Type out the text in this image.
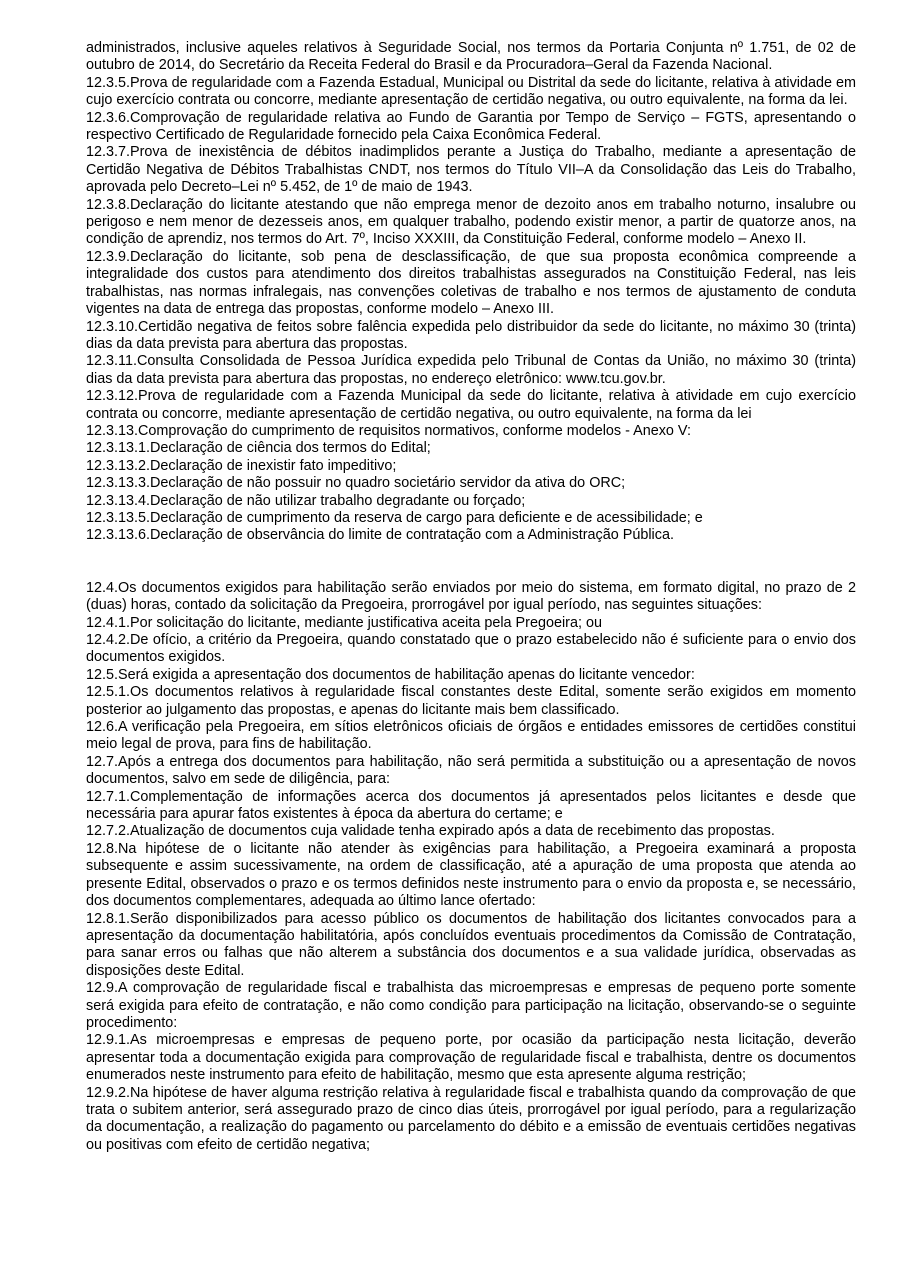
administrados, inclusive aqueles relativos à Seguridade Social, nos termos da Portaria Conjunta nº 1.751, de 02 de outubro de 2014, do Secretário da Receita Federal do Brasil e da Procuradora–Geral da Fazenda Nacional.

12.3.5.Prova de regularidade com a Fazenda Estadual, Municipal ou Distrital da sede do licitante, relativa à atividade em cujo exercício contrata ou concorre, mediante apresentação de certidão negativa, ou outro equivalente, na forma da lei.

12.3.6.Comprovação de regularidade relativa ao Fundo de Garantia por Tempo de Serviço – FGTS, apresentando o respectivo Certificado de Regularidade fornecido pela Caixa Econômica Federal.

12.3.7.Prova de inexistência de débitos inadimplidos perante a Justiça do Trabalho, mediante a apresentação de Certidão Negativa de Débitos Trabalhistas CNDT, nos termos do Título VII–A da Consolidação das Leis do Trabalho, aprovada pelo Decreto–Lei nº 5.452, de 1º de maio de 1943.

12.3.8.Declaração do licitante atestando que não emprega menor de dezoito anos em trabalho noturno, insalubre ou perigoso e nem menor de dezesseis anos, em qualquer trabalho, podendo existir menor, a partir de quatorze anos, na condição de aprendiz, nos termos do Art. 7º, Inciso XXXIII, da Constituição Federal, conforme modelo – Anexo II.

12.3.9.Declaração do licitante, sob pena de desclassificação, de que sua proposta econômica compreende a integralidade dos custos para atendimento dos direitos trabalhistas assegurados na Constituição Federal, nas leis trabalhistas, nas normas infralegais, nas convenções coletivas de trabalho e nos termos de ajustamento de conduta vigentes na data de entrega das propostas, conforme modelo – Anexo III.

12.3.10.Certidão negativa de feitos sobre falência expedida pelo distribuidor da sede do licitante, no máximo 30 (trinta) dias da data prevista para abertura das propostas.

12.3.11.Consulta Consolidada de Pessoa Jurídica expedida pelo Tribunal de Contas da União, no máximo 30 (trinta) dias da data prevista para abertura das propostas, no endereço eletrônico: www.tcu.gov.br.

12.3.12.Prova de regularidade com a Fazenda Municipal da sede do licitante, relativa à atividade em cujo exercício contrata ou concorre, mediante apresentação de certidão negativa, ou outro equivalente, na forma da lei

12.3.13.Comprovação do cumprimento de requisitos normativos, conforme modelos - Anexo V:

12.3.13.1.Declaração de ciência dos termos do Edital;

12.3.13.2.Declaração de inexistir fato impeditivo;

12.3.13.3.Declaração de não possuir no quadro societário servidor da ativa do ORC;

12.3.13.4.Declaração de não utilizar trabalho degradante ou forçado;

12.3.13.5.Declaração de cumprimento da reserva de cargo para deficiente e de acessibilidade; e

12.3.13.6.Declaração de observância do limite de contratação com a Administração Pública.

12.4.Os documentos exigidos para habilitação serão enviados por meio do sistema, em formato digital, no prazo de 2 (duas) horas, contado da solicitação da Pregoeira, prorrogável por igual período, nas seguintes situações:

12.4.1.Por solicitação do licitante, mediante justificativa aceita pela Pregoeira; ou

12.4.2.De ofício, a critério da Pregoeira, quando constatado que o prazo estabelecido não é suficiente para o envio dos documentos exigidos.

12.5.Será exigida a apresentação dos documentos de habilitação apenas do licitante vencedor:

12.5.1.Os documentos relativos à regularidade fiscal constantes deste Edital, somente serão exigidos em momento posterior ao julgamento das propostas, e apenas do licitante mais bem classificado.

12.6.A verificação pela Pregoeira, em sítios eletrônicos oficiais de órgãos e entidades emissores de certidões constitui meio legal de prova, para fins de habilitação.

12.7.Após a entrega dos documentos para habilitação, não será permitida a substituição ou a apresentação de novos documentos, salvo em sede de diligência, para:

12.7.1.Complementação de informações acerca dos documentos já apresentados pelos licitantes e desde que necessária para apurar fatos existentes à época da abertura do certame; e

12.7.2.Atualização de documentos cuja validade tenha expirado após a data de recebimento das propostas.

12.8.Na hipótese de o licitante não atender às exigências para habilitação, a Pregoeira examinará a proposta subsequente e assim sucessivamente, na ordem de classificação, até a apuração de uma proposta que atenda ao presente Edital, observados o prazo e os termos definidos neste instrumento para o envio da proposta e, se necessário, dos documentos complementares, adequada ao último lance ofertado:

12.8.1.Serão disponibilizados para acesso público os documentos de habilitação dos licitantes convocados para a apresentação da documentação habilitatória, após concluídos eventuais procedimentos da Comissão de Contratação, para sanar erros ou falhas que não alterem a substância dos documentos e a sua validade jurídica, observadas as disposições deste Edital.

12.9.A comprovação de regularidade fiscal e trabalhista das microempresas e empresas de pequeno porte somente será exigida para efeito de contratação, e não como condição para participação na licitação, observando-se o seguinte procedimento:

12.9.1.As microempresas e empresas de pequeno porte, por ocasião da participação nesta licitação, deverão apresentar toda a documentação exigida para comprovação de regularidade fiscal e trabalhista, dentre os documentos enumerados neste instrumento para efeito de habilitação, mesmo que esta apresente alguma restrição;

12.9.2.Na hipótese de haver alguma restrição relativa à regularidade fiscal e trabalhista quando da comprovação de que trata o subitem anterior, será assegurado prazo de cinco dias úteis, prorrogável por igual período, para a regularização da documentação, a realização do pagamento ou parcelamento do débito e a emissão de eventuais certidões negativas ou positivas com efeito de certidão negativa;
